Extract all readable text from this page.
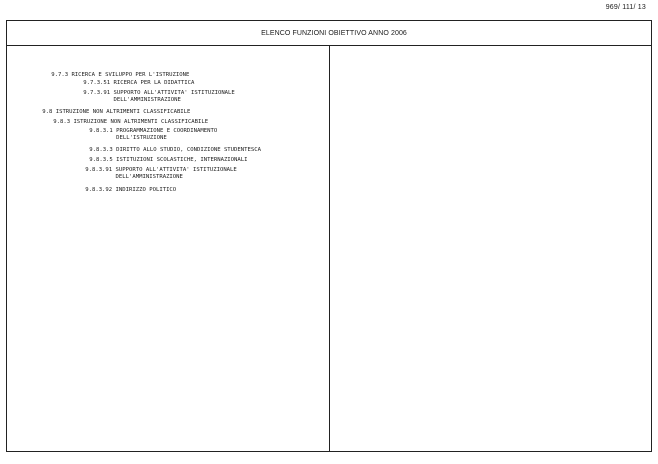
969/ 111/ 13
ELENCO FUNZIONI OBIETTIVO ANNO 2006

9.7.3 RICERCA E SVILUPPO PER L'ISTRUZIONE

9.7.3.51 RICERCA PER LA DIDATTICA

9.7.3.91 SUPPORTO ALL'ATTIVITA' ISTITUZIONALE
DELL'AMMINISTRAZIONE

9.8 ISTRUZIONE NON ALTRIMENTI CLASSIFICABILE

9.8.3 ISTRUZIONE NON ALTRIMENTI CLASSIFICABILE

9.8.3.1 PROGRAMMAZIONE E COORDINAMENTO
DELL'ISTRUZIONE

9.8.3.3 DIRITTO ALLO STUDIO, CONDIZIONE STUDENTESCA

9.8.3.5 ISTITUZIONI SCOLASTICHE, INTERNAZIONALI

9.8.3.91 SUPPORTO ALL'ATTIVITA' ISTITUZIONALE
DELL'AMMINISTRAZIONE

9.8.3.92 INDIRIZZO POLITICO
